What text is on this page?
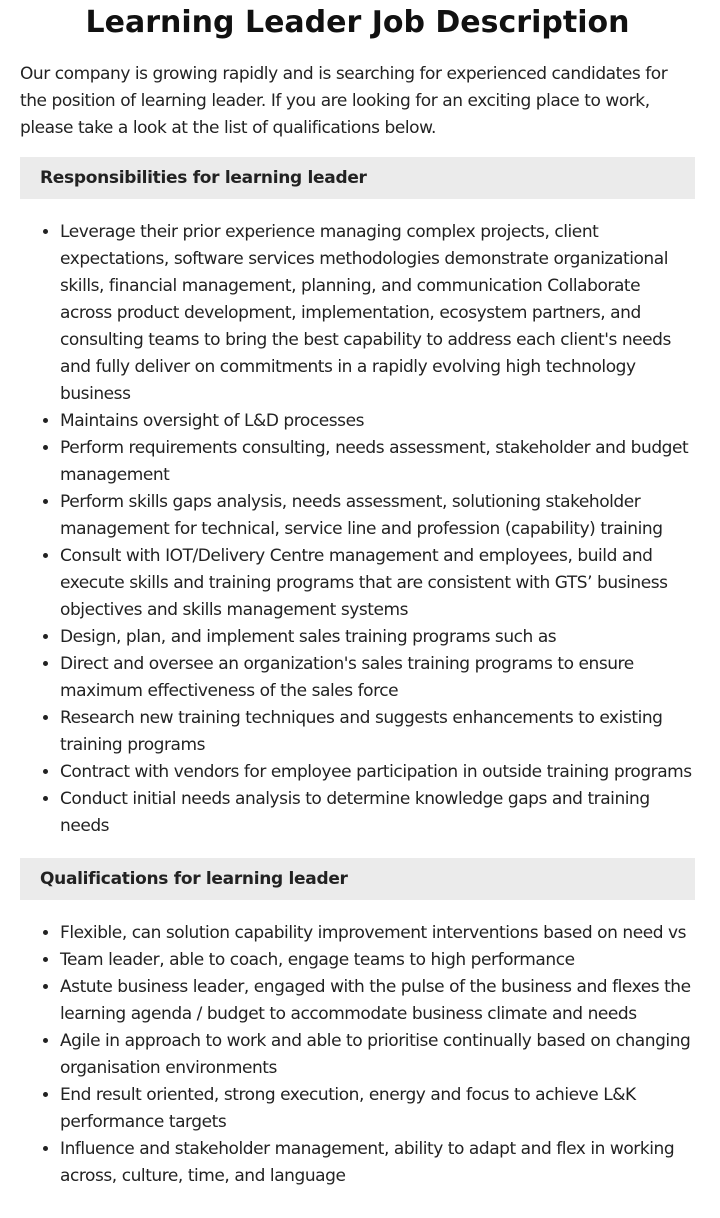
Learning Leader Job Description

Our company is growing rapidly and is searching for experienced candidates for the position of learning leader. If you are looking for an exciting place to work, please take a look at the list of qualifications below.

Responsibilities for learning leader
• Leverage their prior experience managing complex projects, client expectations, software services methodologies demonstrate organizational skills, financial management, planning, and communication Collaborate across product development, implementation, ecosystem partners, and consulting teams to bring the best capability to address each client's needs and fully deliver on commitments in a rapidly evolving high technology business
• Maintains oversight of L&D processes
• Perform requirements consulting, needs assessment, stakeholder and budget management
• Perform skills gaps analysis, needs assessment, solutioning stakeholder management for technical, service line and profession (capability) training
• Consult with IOT/Delivery Centre management and employees, build and execute skills and training programs that are consistent with GTS’ business objectives and skills management systems
• Design, plan, and implement sales training programs such as
• Direct and oversee an organization's sales training programs to ensure maximum effectiveness of the sales force
• Research new training techniques and suggests enhancements to existing training programs
• Contract with vendors for employee participation in outside training programs
• Conduct initial needs analysis to determine knowledge gaps and training needs
Qualifications for learning leader
• Flexible, can solution capability improvement interventions based on need vs
• Team leader, able to coach, engage teams to high performance
• Astute business leader, engaged with the pulse of the business and flexes the learning agenda / budget to accommodate business climate and needs
• Agile in approach to work and able to prioritise continually based on changing organisation environments
• End result oriented, strong execution, energy and focus to achieve L&K performance targets
• Influence and stakeholder management, ability to adapt and flex in working across, culture, time, and language
